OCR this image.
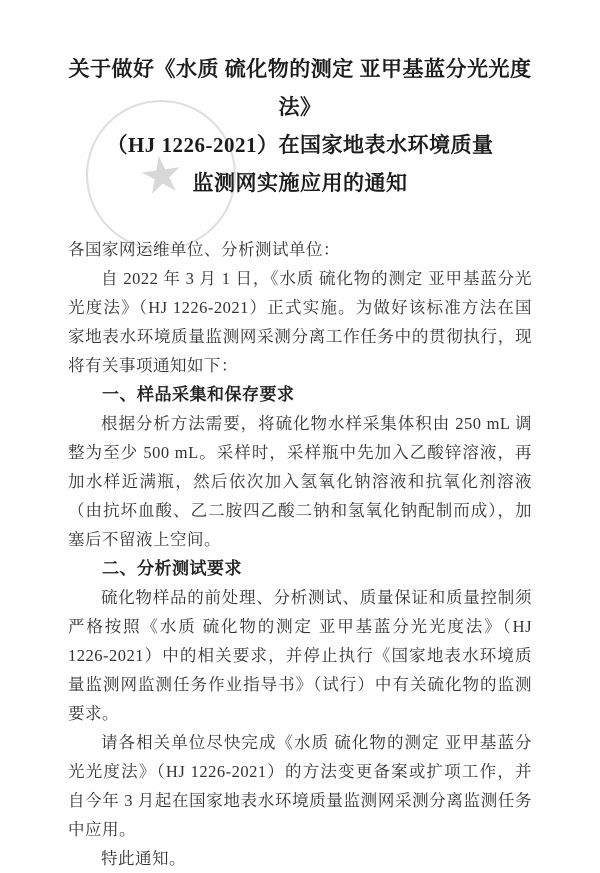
★
关于做好《水质 硫化物的测定 亚甲基蓝分光光度法》
（HJ 1226-2021）在国家地表水环境质量
监测网实施应用的通知

各国家网运维单位、分析测试单位：

自 2022 年 3 月 1 日，《水质 硫化物的测定 亚甲基蓝分光光度法》（HJ 1226-2021）正式实施。为做好该标准方法在国家地表水环境质量监测网采测分离工作任务中的贯彻执行，现将有关事项通知如下：

一、样品采集和保存要求

根据分析方法需要，将硫化物水样采集体积由 250 mL 调整为至少 500 mL。采样时，采样瓶中先加入乙酸锌溶液，再加水样近满瓶，然后依次加入氢氧化钠溶液和抗氧化剂溶液（由抗坏血酸、乙二胺四乙酸二钠和氢氧化钠配制而成），加塞后不留液上空间。

二、分析测试要求

硫化物样品的前处理、分析测试、质量保证和质量控制须严格按照《水质 硫化物的测定 亚甲基蓝分光光度法》（HJ 1226-2021）中的相关要求，并停止执行《国家地表水环境质量监测网监测任务作业指导书》（试行）中有关硫化物的监测要求。

请各相关单位尽快完成《水质 硫化物的测定 亚甲基蓝分光光度法》（HJ 1226-2021）的方法变更备案或扩项工作，并自今年 3 月起在国家地表水环境质量监测网采测分离监测任务中应用。

特此通知。
